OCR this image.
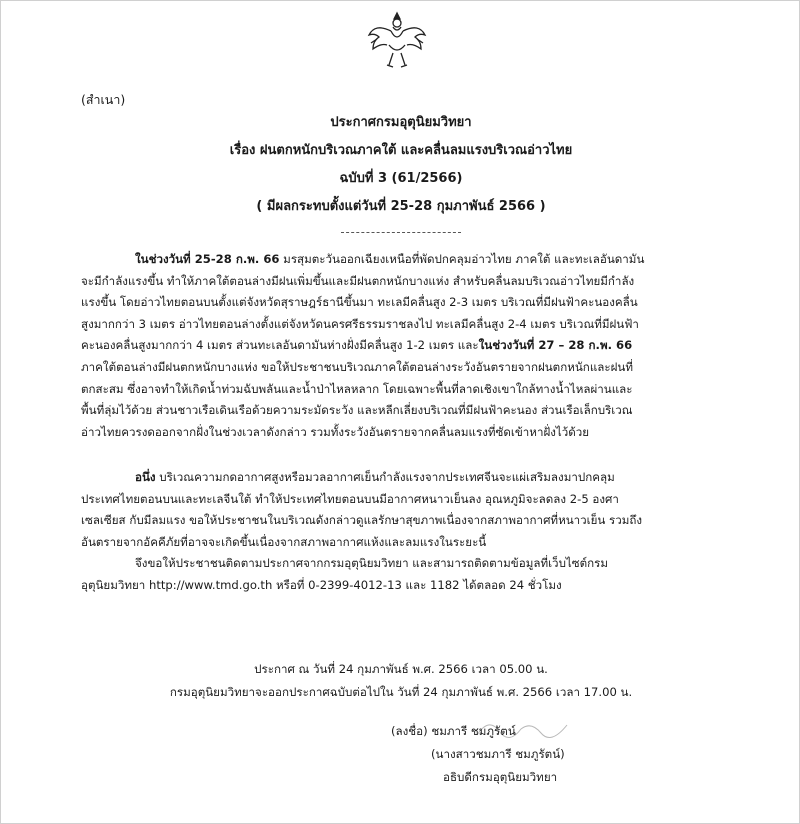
(สำเนา)
ประกาศกรมอุตุนิยมวิทยา
เรื่อง ฝนตกหนักบริเวณภาคใต้ และคลื่นลมแรงบริเวณอ่าวไทย
ฉบับที่ 3 (61/2566)
( มีผลกระทบตั้งแต่วันที่ 25-28 กุมภาพันธ์ 2566 )
ในช่วงวันที่ 25-28 ก.พ. 66 มรสุมตะวันออกเฉียงเหนือที่พัดปกคลุมอ่าวไทย ภาคใต้ และทะเลอันดามัน
จะมีกำลังแรงขึ้น ทำให้ภาคใต้ตอนล่างมีฝนเพิ่มขึ้นและมีฝนตกหนักบางแห่ง สำหรับคลื่นลมบริเวณอ่าวไทยมีกำลัง
แรงขึ้น โดยอ่าวไทยตอนบนตั้งแต่จังหวัดสุราษฎร์ธานีขึ้นมา ทะเลมีคลื่นสูง 2-3 เมตร บริเวณที่มีฝนฟ้าคะนองคลื่น
สูงมากกว่า 3 เมตร อ่าวไทยตอนล่างตั้งแต่จังหวัดนครศรีธรรมราชลงไป ทะเลมีคลื่นสูง 2-4 เมตร บริเวณที่มีฝนฟ้า
คะนองคลื่นสูงมากกว่า 4 เมตร ส่วนทะเลอันดามันห่างฝั่งมีคลื่นสูง 1-2 เมตร และในช่วงวันที่ 27 – 28 ก.พ. 66
ภาคใต้ตอนล่างมีฝนตกหนักบางแห่ง ขอให้ประชาชนบริเวณภาคใต้ตอนล่างระวังอันตรายจากฝนตกหนักและฝนที่
ตกสะสม ซึ่งอาจทำให้เกิดน้ำท่วมฉับพลันและน้ำป่าไหลหลาก โดยเฉพาะพื้นที่ลาดเชิงเขาใกล้ทางน้ำไหลผ่านและ
พื้นที่ลุ่มไว้ด้วย ส่วนชาวเรือเดินเรือด้วยความระมัดระวัง และหลีกเลี่ยงบริเวณที่มีฝนฟ้าคะนอง ส่วนเรือเล็กบริเวณ
อ่าวไทยควรงดออกจากฝั่งในช่วงเวลาดังกล่าว รวมทั้งระวังอันตรายจากคลื่นลมแรงที่ซัดเข้าหาฝั่งไว้ด้วย
อนึ่ง บริเวณความกดอากาศสูงหรือมวลอากาศเย็นกำลังแรงจากประเทศจีนจะแผ่เสริมลงมาปกคลุม
ประเทศไทยตอนบนและทะเลจีนใต้ ทำให้ประเทศไทยตอนบนมีอากาศหนาวเย็นลง อุณหภูมิจะลดลง 2-5 องศา
เซลเซียส กับมีลมแรง ขอให้ประชาชนในบริเวณดังกล่าวดูแลรักษาสุขภาพเนื่องจากสภาพอากาศที่หนาวเย็น รวมถึง
อันตรายจากอัคคีภัยที่อาจจะเกิดขึ้นเนื่องจากสภาพอากาศแห้งและลมแรงในระยะนี้
จึงขอให้ประชาชนติดตามประกาศจากกรมอุตุนิยมวิทยา และสามารถติดตามข้อมูลที่เว็บไซต์กรม
อุตุนิยมวิทยา http://www.tmd.go.th หรือที่ 0-2399-4012-13 และ 1182 ได้ตลอด 24 ชั่วโมง
ประกาศ ณ วันที่ 24 กุมภาพันธ์ พ.ศ. 2566 เวลา 05.00 น.
กรมอุตุนิยมวิทยาจะออกประกาศฉบับต่อไปใน วันที่ 24 กุมภาพันธ์ พ.ศ. 2566 เวลา 17.00 น.
(ลงชื่อ) ชมภารี ชมภูรัตน์
(นางสาวชมภารี ชมภูรัตน์)
อธิบดีกรมอุตุนิยมวิทยา
